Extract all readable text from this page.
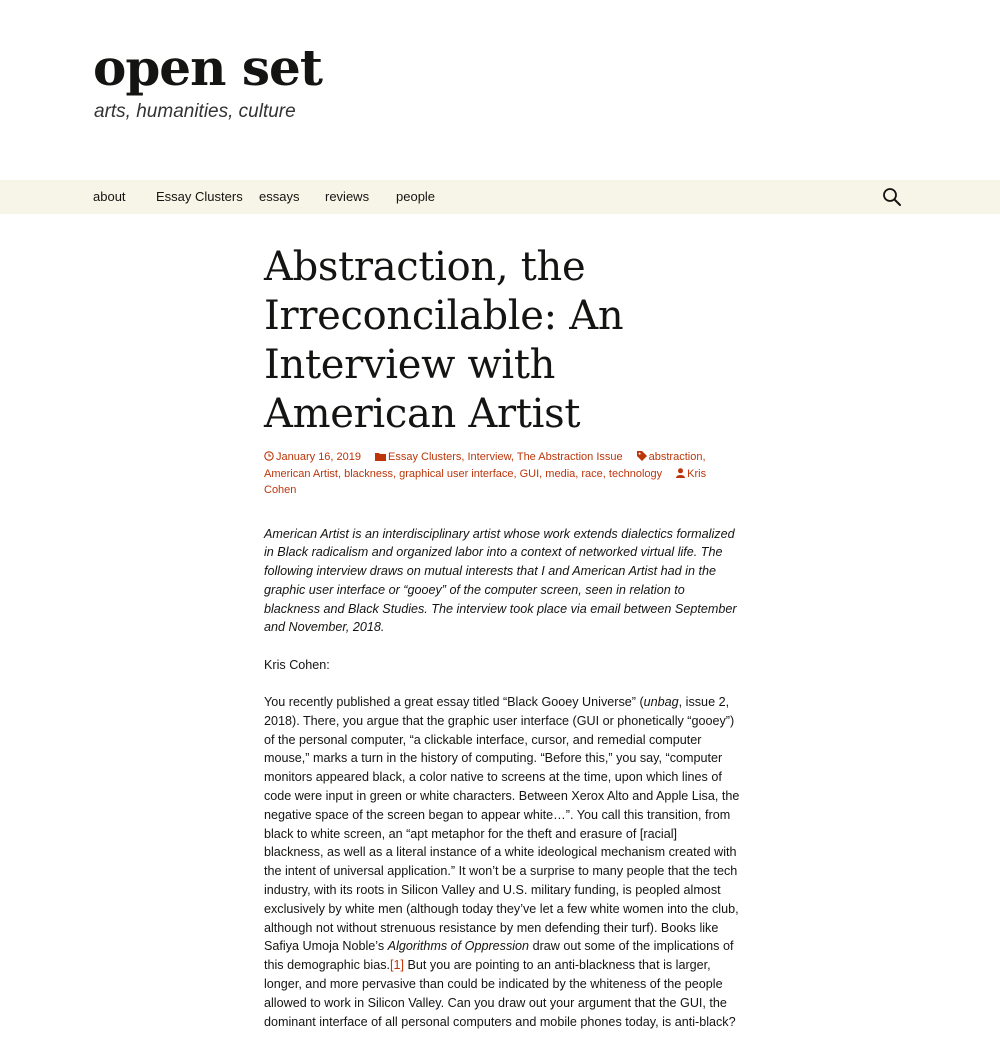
open set
arts, humanities, culture
about Essay Clusters essays reviews people
Abstraction, the Irreconcilable: An Interview with American Artist
January 16, 2019 Essay Clusters, Interview, The Abstraction Issue abstraction, American Artist, blackness, graphical user interface, GUI, media, race, technology Kris Cohen

American Artist is an interdisciplinary artist whose work extends dialectics formalized in Black radicalism and organized labor into a context of networked virtual life. The following interview draws on mutual interests that I and American Artist had in the graphic user interface or “gooey” of the computer screen, seen in relation to blackness and Black Studies. The interview took place via email between September and November, 2018.

Kris Cohen:

You recently published a great essay titled “Black Gooey Universe” (unbag, issue 2, 2018). There, you argue that the graphic user interface (GUI or phonetically “gooey”) of the personal computer, “a clickable interface, cursor, and remedial computer mouse,” marks a turn in the history of computing. “Before this,” you say, “computer monitors appeared black, a color native to screens at the time, upon which lines of code were input in green or white characters. Between Xerox Alto and Apple Lisa, the negative space of the screen began to appear white…”. You call this transition, from black to white screen, an “apt metaphor for the theft and erasure of [racial] blackness, as well as a literal instance of a white ideological mechanism created with the intent of universal application.” It won’t be a surprise to many people that the tech industry, with its roots in Silicon Valley and U.S. military funding, is peopled almost exclusively by white men (although today they’ve let a few white women into the club, although not without strenuous resistance by men defending their turf). Books like Safiya Umoja Noble’s Algorithms of Oppression draw out some of the implications of this demographic bias.[1] But you are pointing to an anti-blackness that is larger, longer, and more pervasive than could be indicated by the whiteness of the people allowed to work in Silicon Valley. Can you draw out your argument that the GUI, the dominant interface of all personal computers and mobile phones today, is anti-black?
